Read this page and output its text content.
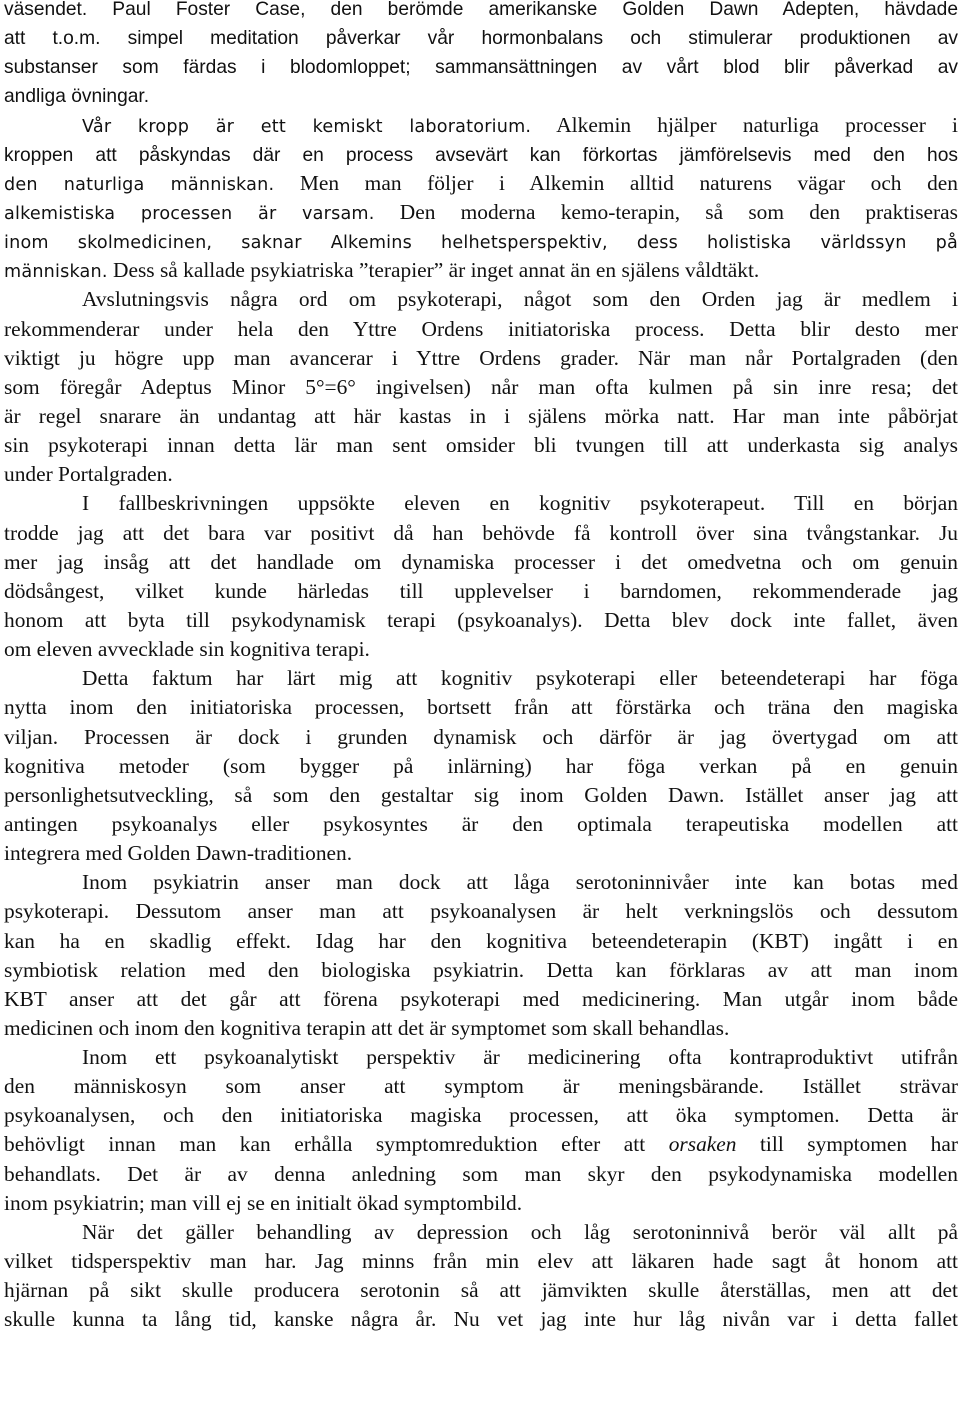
väsendet. Paul Foster Case, den berömde amerikanske Golden Dawn Adepten, hävdade
att t.o.m. simpel meditation påverkar vår hormonbalans och stimulerar produktionen av
substanser som färdas i blodomloppet; sammansättningen av vårt blod blir påverkad av
andliga övningar.
Vår kropp är ett kemiskt laboratorium. Alkemin hjälper naturliga processer i
kroppen att påskyndas där en process avsevärt kan förkortas jämförelsevis med den hos
den naturliga människan. Men man följer i Alkemin alltid naturens vägar och den
alkemistiska processen är varsam. Den moderna kemo-terapin, så som den praktiseras
inom skolmedicinen, saknar Alkemins helhetsperspektiv, dess holistiska världssyn på
människan. Dess så kallade psykiatriska ”terapier” är inget annat än en själens våldtäkt.
Avslutningsvis några ord om psykoterapi, något som den Orden jag är medlem i
rekommenderar under hela den Yttre Ordens initiatoriska process. Detta blir desto mer
viktigt ju högre upp man avancerar i Yttre Ordens grader. När man når Portalgraden (den
som föregår Adeptus Minor 5°=6° ingivelsen) når man ofta kulmen på sin inre resa; det
är regel snarare än undantag att här kastas in i själens mörka natt. Har man inte påbörjat
sin psykoterapi innan detta lär man sent omsider bli tvungen till att underkasta sig analys
under Portalgraden.
I fallbeskrivningen uppsökte eleven en kognitiv psykoterapeut. Till en början
trodde jag att det bara var positivt då han behövde få kontroll över sina tvångstankar. Ju
mer jag insåg att det handlade om dynamiska processer i det omedvetna och om genuin
dödsångest, vilket kunde härledas till upplevelser i barndomen, rekommenderade jag
honom att byta till psykodynamisk terapi (psykoanalys). Detta blev dock inte fallet, även
om eleven avvecklade sin kognitiva terapi.
Detta faktum har lärt mig att kognitiv psykoterapi eller beteendeterapi har föga
nytta inom den initiatoriska processen, bortsett från att förstärka och träna den magiska
viljan. Processen är dock i grunden dynamisk och därför är jag övertygad om att
kognitiva metoder (som bygger på inlärning) har föga verkan på en genuin
personlighetsutveckling, så som den gestaltar sig inom Golden Dawn. Istället anser jag att
antingen psykoanalys eller psykosyntes är den optimala terapeutiska modellen att
integrera med Golden Dawn-traditionen.
Inom psykiatrin anser man dock att låga serotoninnivåer inte kan botas med
psykoterapi. Dessutom anser man att psykoanalysen är helt verkningslös och dessutom
kan ha en skadlig effekt. Idag har den kognitiva beteendeterapin (KBT) ingått i en
symbiotisk relation med den biologiska psykiatrin. Detta kan förklaras av att man inom
KBT anser att det går att förena psykoterapi med medicinering. Man utgår inom både
medicinen och inom den kognitiva terapin att det är symptomet som skall behandlas.
Inom ett psykoanalytiskt perspektiv är medicinering ofta kontraproduktivt utifrån
den människosyn som anser att symptom är meningsbärande. Istället strävar
psykoanalysen, och den initiatoriska magiska processen, att öka symptomen. Detta är
behövligt innan man kan erhålla symptomreduktion efter att orsaken till symptomen har
behandlats. Det är av denna anledning som man skyr den psykodynamiska modellen
inom psykiatrin; man vill ej se en initialt ökad symptombild.
När det gäller behandling av depression och låg serotoninnivå berör väl allt på
vilket tidsperspektiv man har. Jag minns från min elev att läkaren hade sagt åt honom att
hjärnan på sikt skulle producera serotonin så att jämvikten skulle återställas, men att det
skulle kunna ta lång tid, kanske några år. Nu vet jag inte hur låg nivån var i detta fallet
